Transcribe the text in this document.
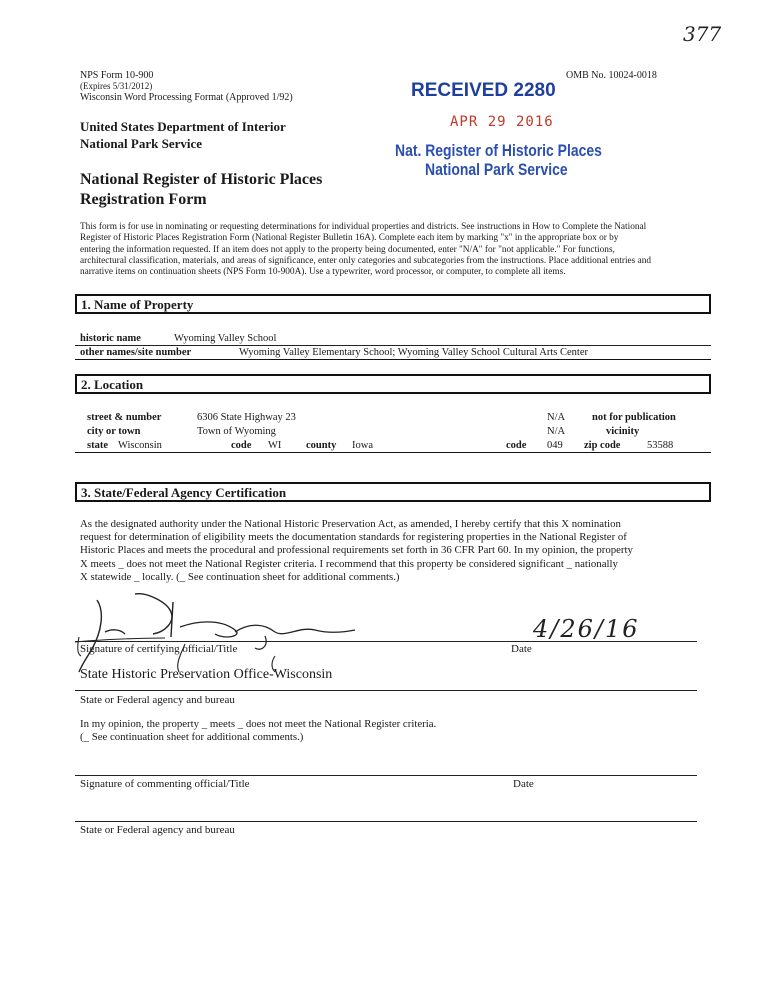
377
NPS Form 10-900
(Expires 5/31/2012)
Wisconsin Word Processing Format (Approved 1/92)
OMB No. 10024-0018
RECEIVED 2280
APR 29 2016
Nat. Register of Historic Places
National Park Service
United States Department of Interior
National Park Service
National Register of Historic Places
Registration Form
This form is for use in nominating or requesting determinations for individual properties and districts. See instructions in How to Complete the National
Register of Historic Places Registration Form (National Register Bulletin 16A). Complete each item by marking "x" in the appropriate box or by
entering the information requested. If an item does not apply to the property being documented, enter "N/A" for "not applicable." For functions,
architectural classification, materials, and areas of significance, enter only categories and subcategories from the instructions. Place additional entries and
narrative items on continuation sheets (NPS Form 10-900A). Use a typewriter, word processor, or computer, to complete all items.
1. Name of Property
historic name	Wyoming Valley School
other names/site number	Wyoming Valley Elementary School; Wyoming Valley School Cultural Arts Center
2. Location
street & number	6306 State Highway 23	N/A	not for publication
city or town	Town of Wyoming	N/A	vicinity
state Wisconsin	code WI county Iowa	code 049 zip code	53588
3. State/Federal Agency Certification
As the designated authority under the National Historic Preservation Act, as amended, I hereby certify that this X nomination
request for determination of eligibility meets the documentation standards for registering properties in the National Register of
Historic Places and meets the procedural and professional requirements set forth in 36 CFR Part 60. In my opinion, the property
X meets _ does not meet the National Register criteria. I recommend that this property be considered significant _ nationally
X statewide _ locally. (_ See continuation sheet for additional comments.)
4/26/16
Signature of certifying official/Title	Date
State Historic Preservation Office-Wisconsin
State or Federal agency and bureau
In my opinion, the property _ meets _ does not meet the National Register criteria.
(_ See continuation sheet for additional comments.)
Signature of commenting official/Title	Date
State or Federal agency and bureau
